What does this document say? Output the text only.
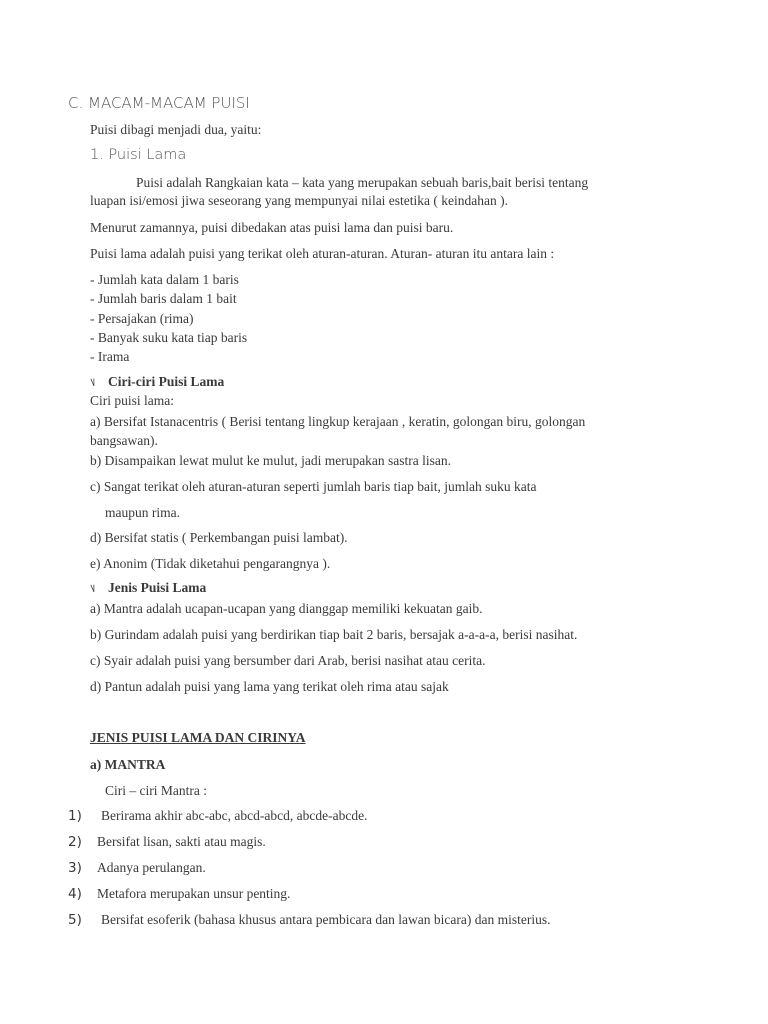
C. MACAM-MACAM PUISI
Puisi dibagi menjadi dua, yaitu:
1. Puisi Lama
Puisi adalah Rangkaian kata – kata yang merupakan sebuah baris,bait berisi tentang
luapan isi/emosi jiwa seseorang yang mempunyai nilai estetika ( keindahan ).
Menurut zamannya, puisi dibedakan atas puisi lama dan puisi baru.
Puisi lama adalah puisi yang terikat oleh aturan-aturan. Aturan- aturan itu antara lain :
- Jumlah kata dalam 1 baris
- Jumlah baris dalam 1 bait
- Persajakan (rima)
- Banyak suku kata tiap baris
- Irama
˥˩ Ciri-ciri Puisi Lama
Ciri puisi lama:
a) Bersifat Istanacentris ( Berisi tentang lingkup kerajaan , keratin, golongan biru, golongan
bangsawan).
b) Disampaikan lewat mulut ke mulut, jadi merupakan sastra lisan.
c) Sangat terikat oleh aturan-aturan seperti jumlah baris tiap bait, jumlah suku kata
maupun rima.
d) Bersifat statis ( Perkembangan puisi lambat).
e) Anonim (Tidak diketahui pengarangnya ).
˥˩ Jenis Puisi Lama
a) Mantra adalah ucapan-ucapan yang dianggap memiliki kekuatan gaib.
b) Gurindam adalah puisi yang berdirikan tiap bait 2 baris, bersajak a-a-a-a, berisi nasihat.
c) Syair adalah puisi yang bersumber dari Arab, berisi nasihat atau cerita.
d) Pantun adalah puisi yang lama yang terikat oleh rima atau sajak
JENIS PUISI LAMA DAN CIRINYA
a) MANTRA
Ciri – ciri Mantra :
1) Berirama akhir abc-abc, abcd-abcd, abcde-abcde.
2) Bersifat lisan, sakti atau magis.
3) Adanya perulangan.
4) Metafora merupakan unsur penting.
5) Bersifat esoferik (bahasa khusus antara pembicara dan lawan bicara) dan misterius.
